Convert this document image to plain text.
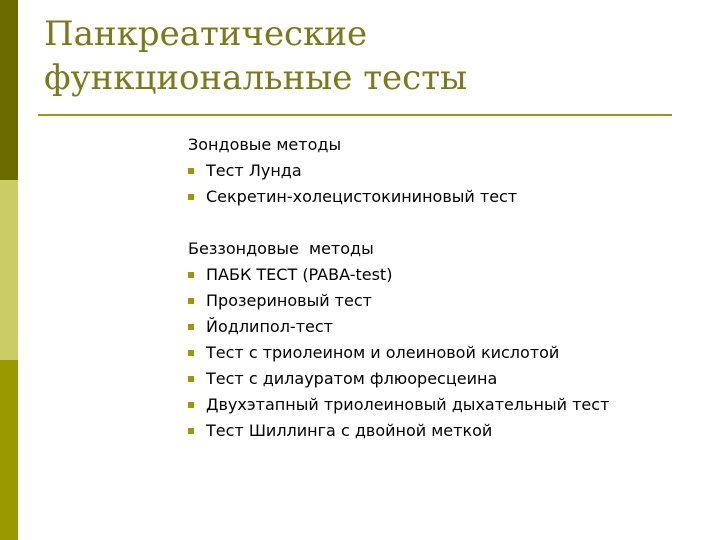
Панкреатические
функциональные тесты
Зондовые методы
Тест Лунда
Секретин-холецистокининовый тест
Беззондовые  методы
ПАБК ТЕСТ (PABA-test)
Прозериновый тест
Йодлипол-тест
Тест с триолеином и олеиновой кислотой
Тест с дилауратом флюоресцеина
Двухэтапный триолеиновый дыхательный тест
Тест Шиллинга с двойной меткой
